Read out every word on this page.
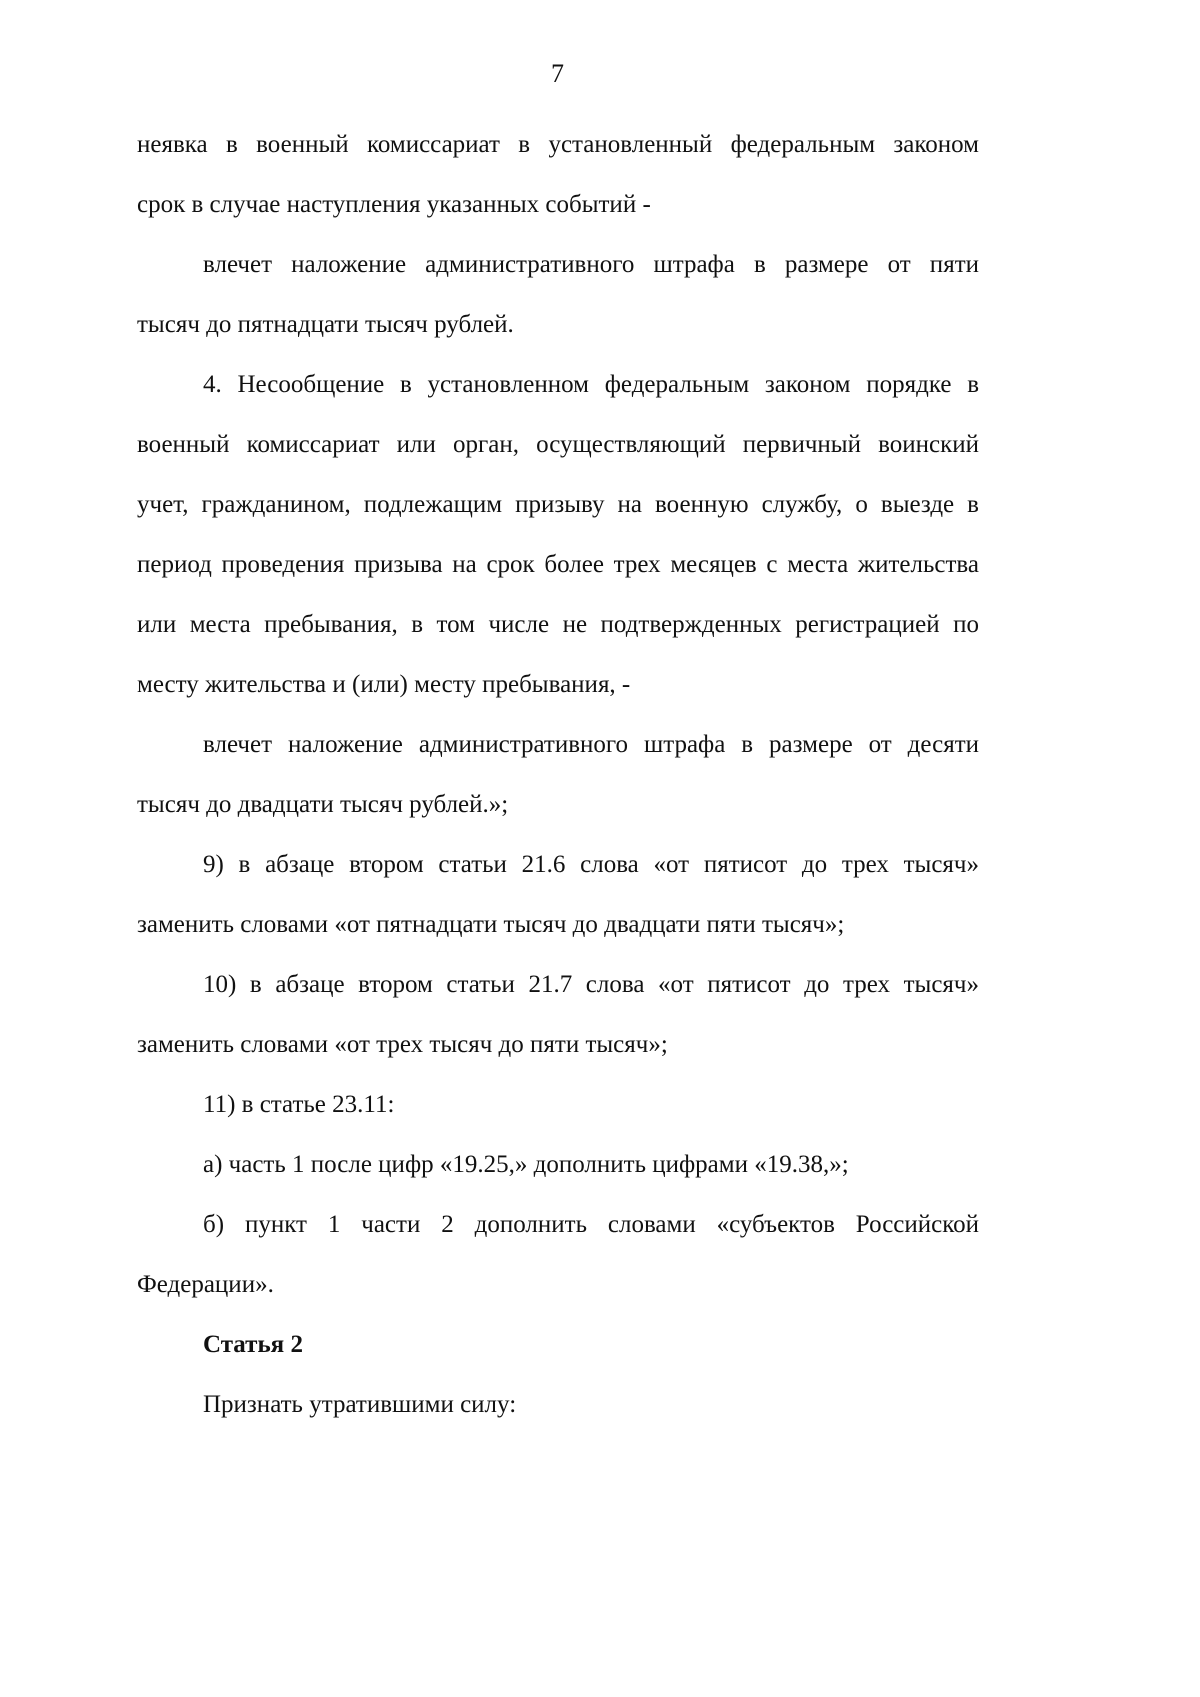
7
неявка в военный комиссариат в установленный федеральным законом
срок в случае наступления указанных событий -
влечет наложение административного штрафа в размере от пяти
тысяч до пятнадцати тысяч рублей.
4. Несообщение в установленном федеральным законом порядке в
военный комиссариат или орган, осуществляющий первичный воинский
учет, гражданином, подлежащим призыву на военную службу, о выезде в
период проведения призыва на срок более трех месяцев с места жительства
или места пребывания, в том числе не подтвержденных регистрацией по
месту жительства и (или) месту пребывания, -
влечет наложение административного штрафа в размере от десяти
тысяч до двадцати тысяч рублей.»;
9) в абзаце втором статьи 21.6 слова «от пятисот до трех тысяч»
заменить словами «от пятнадцати тысяч до двадцати пяти тысяч»;
10) в абзаце втором статьи 21.7 слова «от пятисот до трех тысяч»
заменить словами «от трех тысяч до пяти тысяч»;
11) в статье 23.11:
а) часть 1 после цифр «19.25,» дополнить цифрами «19.38,»;
б) пункт 1 части 2 дополнить словами «субъектов Российской
Федерации».
Статья 2
Признать утратившими силу:
